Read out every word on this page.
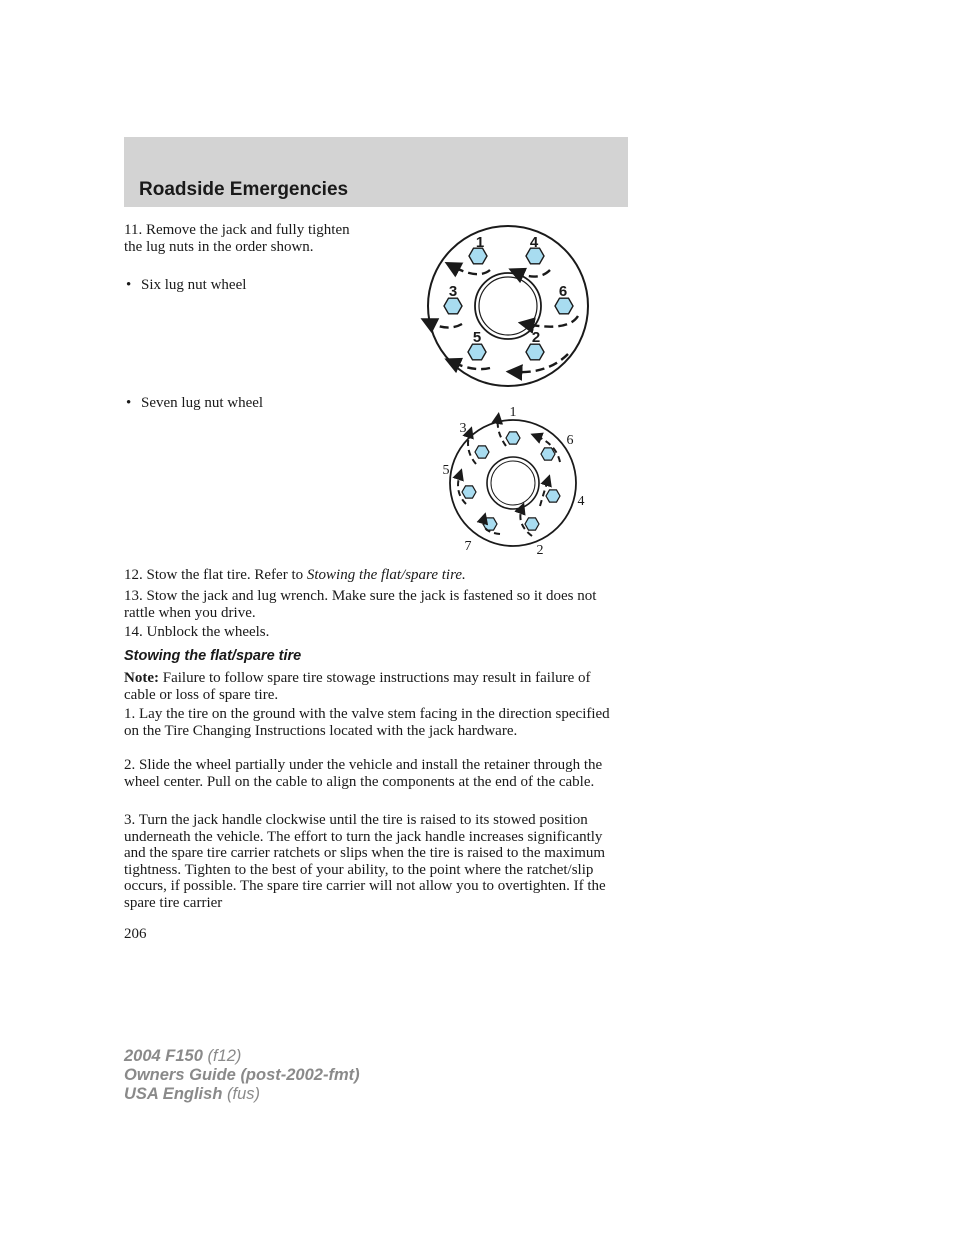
Roadside Emergencies

11. Remove the jack and fully tighten the lug nuts in the order shown.

• Six lug nut wheel

1	4
3	6
5	2

• Seven lug nut wheel

1
3
6
5
4
7	2

12. Stow the flat tire. Refer to Stowing the flat/spare tire.

13. Stow the jack and lug wrench. Make sure the jack is fastened so it does not rattle when you drive.

14. Unblock the wheels.

Stowing the flat/spare tire

Note: Failure to follow spare tire stowage instructions may result in failure of cable or loss of spare tire.

1. Lay the tire on the ground with the valve stem facing in the direction specified on the Tire Changing Instructions located with the jack hardware.

2. Slide the wheel partially under the vehicle and install the retainer through the wheel center. Pull on the cable to align the components at the end of the cable.

3. Turn the jack handle clockwise until the tire is raised to its stowed position underneath the vehicle. The effort to turn the jack handle increases significantly and the spare tire carrier ratchets or slips when the tire is raised to the maximum tightness. Tighten to the best of your ability, to the point where the ratchet/slip occurs, if possible. The spare tire carrier will not allow you to overtighten. If the spare tire carrier

206

2004 F150 (f12)
Owners Guide (post-2002-fmt)
USA English (fus)
